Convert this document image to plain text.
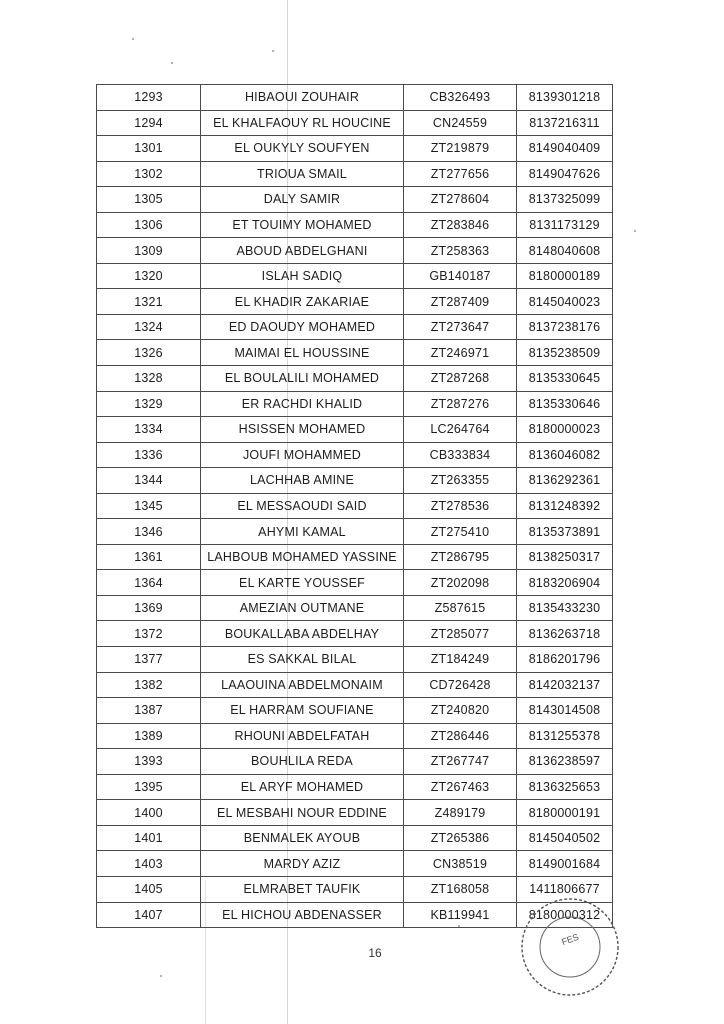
1293	HIBAOUI ZOUHAIR	CB326493	8139301218
1294	EL KHALFAOUY RL HOUCINE	CN24559	8137216311
1301	EL OUKYLY SOUFYEN	ZT219879	8149040409
1302	TRIOUA SMAIL	ZT277656	8149047626
1305	DALY SAMIR	ZT278604	8137325099
1306	ET TOUIMY MOHAMED	ZT283846	8131173129
1309	ABOUD ABDELGHANI	ZT258363	8148040608
1320	ISLAH SADIQ	GB140187	8180000189
1321	EL KHADIR ZAKARIAE	ZT287409	8145040023
1324	ED DAOUDY MOHAMED	ZT273647	8137238176
1326	MAIMAI EL HOUSSINE	ZT246971	8135238509
1328	EL BOULALILI MOHAMED	ZT287268	8135330645
1329	ER RACHDI KHALID	ZT287276	8135330646
1334	HSISSEN MOHAMED	LC264764	8180000023
1336	JOUFI MOHAMMED	CB333834	8136046082
1344	LACHHAB AMINE	ZT263355	8136292361
1345	EL MESSAOUDI SAID	ZT278536	8131248392
1346	AHYMI KAMAL	ZT275410	8135373891
1361	LAHBOUB MOHAMED YASSINE	ZT286795	8138250317
1364	EL KARTE YOUSSEF	ZT202098	8183206904
1369	AMEZIAN OUTMANE	Z587615	8135433230
1372	BOUKALLABA ABDELHAY	ZT285077	8136263718
1377	ES SAKKAL BILAL	ZT184249	8186201796
1382	LAAOUINA ABDELMONAIM	CD726428	8142032137
1387	EL HARRAM SOUFIANE	ZT240820	8143014508
1389	RHOUNI ABDELFATAH	ZT286446	8131255378
1393	BOUHLILA REDA	ZT267747	8136238597
1395	EL ARYF MOHAMED	ZT267463	8136325653
1400	EL MESBAHI NOUR EDDINE	Z489179	8180000191
1401	BENMALEK AYOUB	ZT265386	8145040502
1403	MARDY AZIZ	CN38519	8149001684
1405	ELMRABET TAUFIK	ZT168058	1411806677
1407	EL HICHOU ABDENASSER	KB119941	8180000312
16
FES
